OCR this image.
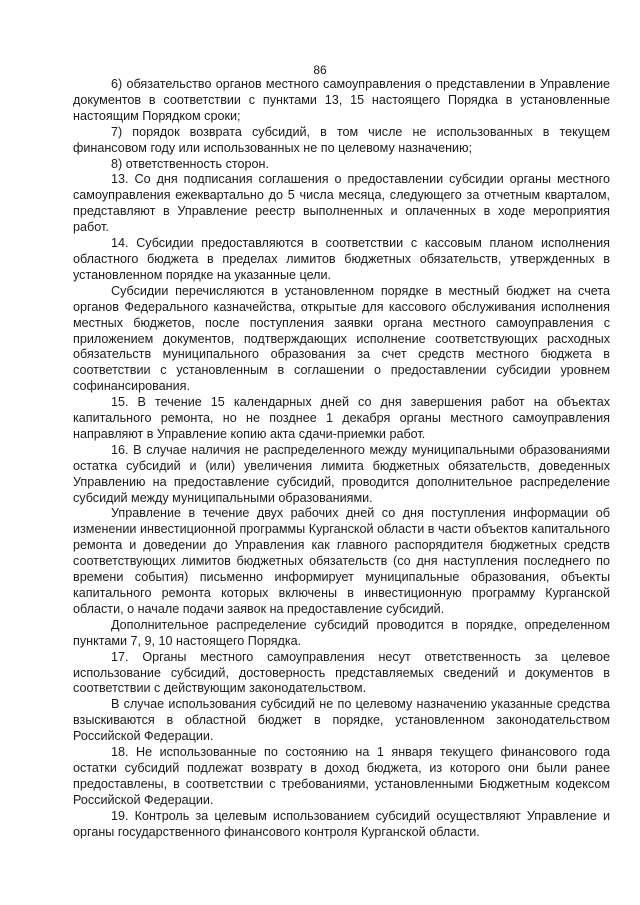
86

6) обязательство органов местного самоуправления о представлении в Управление документов в соответствии с пунктами 13, 15 настоящего Порядка в установленные настоящим Порядком сроки;

7) порядок возврата субсидий, в том числе не использованных в текущем финансовом году или использованных не по целевому назначению;

8) ответственность сторон.

13. Со дня подписания соглашения о предоставлении субсидии органы местного самоуправления ежеквартально до 5 числа месяца, следующего за отчетным кварталом, представляют в Управление реестр выполненных и оплаченных в ходе мероприятия работ.

14. Субсидии предоставляются в соответствии с кассовым планом исполнения областного бюджета в пределах лимитов бюджетных обязательств, утвержденных в установленном порядке на указанные цели.

Субсидии перечисляются в установленном порядке в местный бюджет на счета органов Федерального казначейства, открытые для кассового обслуживания исполнения местных бюджетов, после поступления заявки органа местного самоуправления с приложением документов, подтверждающих исполнение соответствующих расходных обязательств муниципального образования за счет средств местного бюджета в соответствии с установленным в соглашении о предоставлении субсидии уровнем софинансирования.

15. В течение 15 календарных дней со дня завершения работ на объектах капитального ремонта, но не позднее 1 декабря органы местного самоуправления направляют в Управление копию акта сдачи-приемки работ.

16. В случае наличия не распределенного между муниципальными образованиями остатка субсидий и (или) увеличения лимита бюджетных обязательств, доведенных Управлению на предоставление субсидий, проводится дополнительное распределение субсидий между муниципальными образованиями.

Управление в течение двух рабочих дней со дня поступления информации об изменении инвестиционной программы Курганской области в части объектов капитального ремонта и доведении до Управления как главного распорядителя бюджетных средств соответствующих лимитов бюджетных обязательств (со дня наступления последнего по времени события) письменно информирует муниципальные образования, объекты капитального ремонта которых включены в инвестиционную программу Курганской области, о начале подачи заявок на предоставление субсидий.

Дополнительное распределение субсидий проводится в порядке, определенном пунктами 7, 9, 10 настоящего Порядка.

17. Органы местного самоуправления несут ответственность за целевое использование субсидий, достоверность представляемых сведений и документов в соответствии с действующим законодательством.

В случае использования субсидий не по целевому назначению указанные средства взыскиваются в областной бюджет в порядке, установленном законодательством Российской Федерации.

18. Не использованные по состоянию на 1 января текущего финансового года остатки субсидий подлежат возврату в доход бюджета, из которого они были ранее предоставлены, в соответствии с требованиями, установленными Бюджетным кодексом Российской Федерации.

19. Контроль за целевым использованием субсидий осуществляют Управление и органы государственного финансового контроля Курганской области.
